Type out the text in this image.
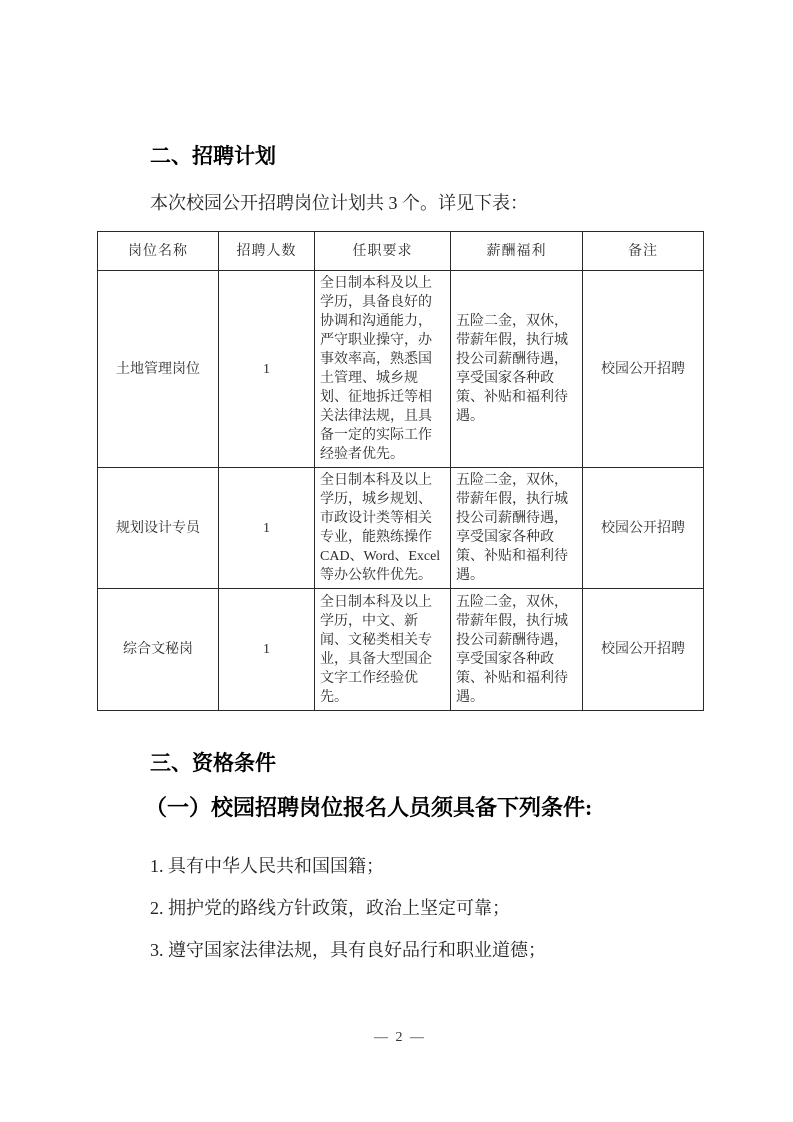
二、招聘计划

本次校园公开招聘岗位计划共 3 个。详见下表：

岗位名称	招聘人数	任职要求	薪酬福利	备注
土地管理岗位	1	全日制本科及以上学历，具备良好的协调和沟通能力，严守职业操守，办事效率高，熟悉国土管理、城乡规划、征地拆迁等相关法律法规，且具备一定的实际工作经验者优先。	五险二金，双休，带薪年假，执行城投公司薪酬待遇，享受国家各种政策、补贴和福利待遇。	校园公开招聘
规划设计专员	1	全日制本科及以上学历，城乡规划、市政设计类等相关专业，能熟练操作CAD、Word、Excel等办公软件优先。	五险二金，双休，带薪年假，执行城投公司薪酬待遇，享受国家各种政策、补贴和福利待遇。	校园公开招聘
综合文秘岗	1	全日制本科及以上学历，中文、新闻、文秘类相关专业，具备大型国企文字工作经验优先。	五险二金，双休，带薪年假，执行城投公司薪酬待遇，享受国家各种政策、补贴和福利待遇。	校园公开招聘
三、资格条件

（一）校园招聘岗位报名人员须具备下列条件:

1. 具有中华人民共和国国籍；

2. 拥护党的路线方针政策，政治上坚定可靠；

3. 遵守国家法律法规，具有良好品行和职业道德；

— 2 —
